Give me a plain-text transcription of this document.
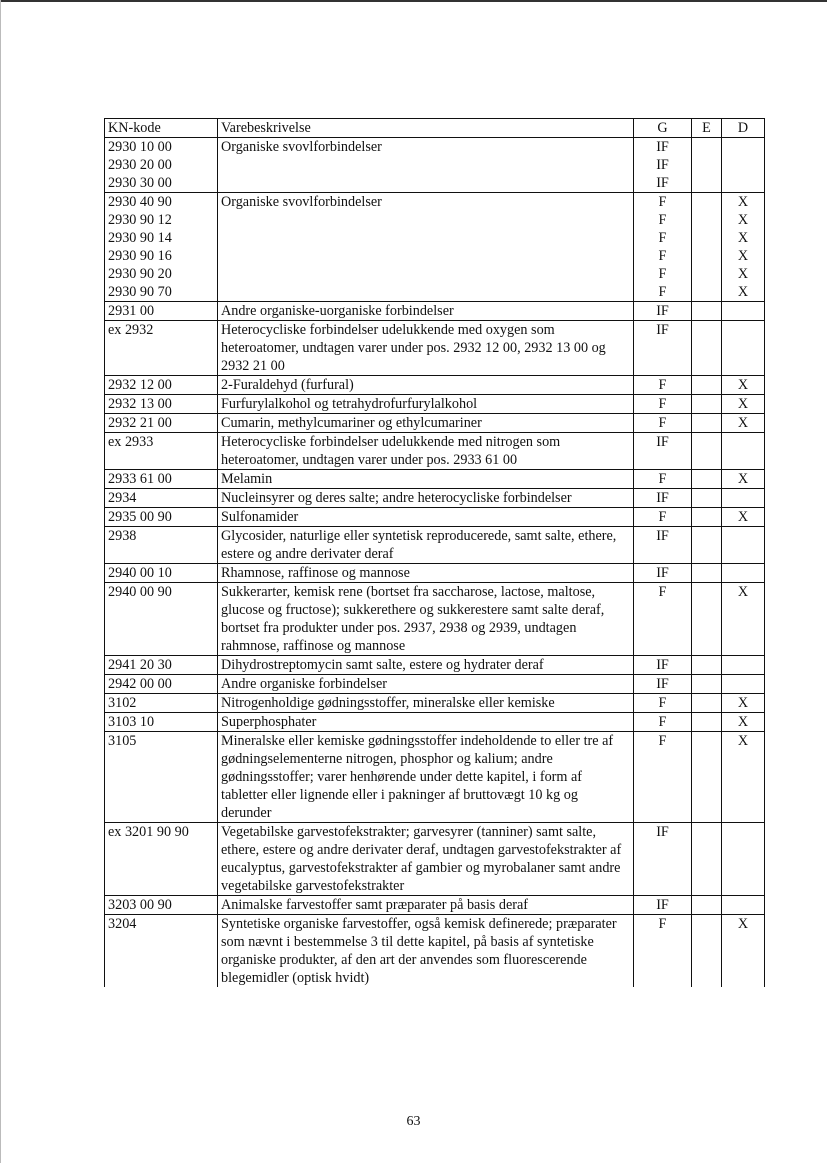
KN-kode	Varebeskrivelse	G	E	D
2930 10 00	Organiske svovlforbindelser	IF		
2930 20 00		IF		
2930 30 00		IF		
2930 40 90	Organiske svovlforbindelser	F		X
2930 90 12		F		X
2930 90 14		F		X
2930 90 16		F		X
2930 90 20		F		X
2930 90 70		F		X
2931 00	Andre organiske-uorganiske forbindelser	IF		
ex 2932	Heterocycliske forbindelser udelukkende med oxygen som heteroatomer, undtagen varer under pos. 2932 12 00, 2932 13 00 og 2932 21 00	IF		
2932 12 00	2-Furaldehyd (furfural)	F		X
2932 13 00	Furfurylalkohol og tetrahydrofurfurylalkohol	F		X
2932 21 00	Cumarin, methylcumariner og ethylcumariner	F		X
ex 2933	Heterocycliske forbindelser udelukkende med nitrogen som heteroatomer, undtagen varer under pos. 2933 61 00	IF		
2933 61 00	Melamin	F		X
2934	Nucleinsyrer og deres salte; andre heterocycliske forbindelser	IF		
2935 00 90	Sulfonamider	F		X
2938	Glycosider, naturlige eller syntetisk reproducerede, samt salte, ethere, estere og andre derivater deraf	IF		
2940 00 10	Rhamnose, raffinose og mannose	IF		
2940 00 90	Sukkerarter, kemisk rene (bortset fra saccharose, lactose, maltose, glucose og fructose); sukkerethere og sukkerestere samt salte deraf, bortset fra produkter under pos. 2937, 2938 og 2939, undtagen rahmnose, raffinose og mannose	F		X
2941 20 30	Dihydrostreptomycin samt salte, estere og hydrater deraf	IF		
2942 00 00	Andre organiske forbindelser	IF		
3102	Nitrogenholdige gødningsstoffer, mineralske eller kemiske	F		X
3103 10	Superphosphater	F		X
3105	Mineralske eller kemiske gødningsstoffer indeholdende to eller tre af gødningselementerne nitrogen, phosphor og kalium; andre gødningsstoffer; varer henhørende under dette kapitel, i form af tabletter eller lignende eller i pakninger af bruttovægt 10 kg og derunder	F		X
ex 3201 90 90	Vegetabilske garvestofekstrakter; garvesyrer (tanniner) samt salte, ethere, estere og andre derivater deraf, undtagen garvestofekstrakter af eucalyptus, garvestofekstrakter af gambier og myrobalaner samt andre vegetabilske garvestofekstrakter	IF		
3203 00 90	Animalske farvestoffer samt præparater på basis deraf	IF		
3204	Syntetiske organiske farvestoffer, også kemisk definerede; præparater som nævnt i bestemmelse 3 til dette kapitel, på basis af syntetiske organiske produkter, af den art der anvendes som fluorescerende blegemidler (optisk hvidt)	F		X
63
